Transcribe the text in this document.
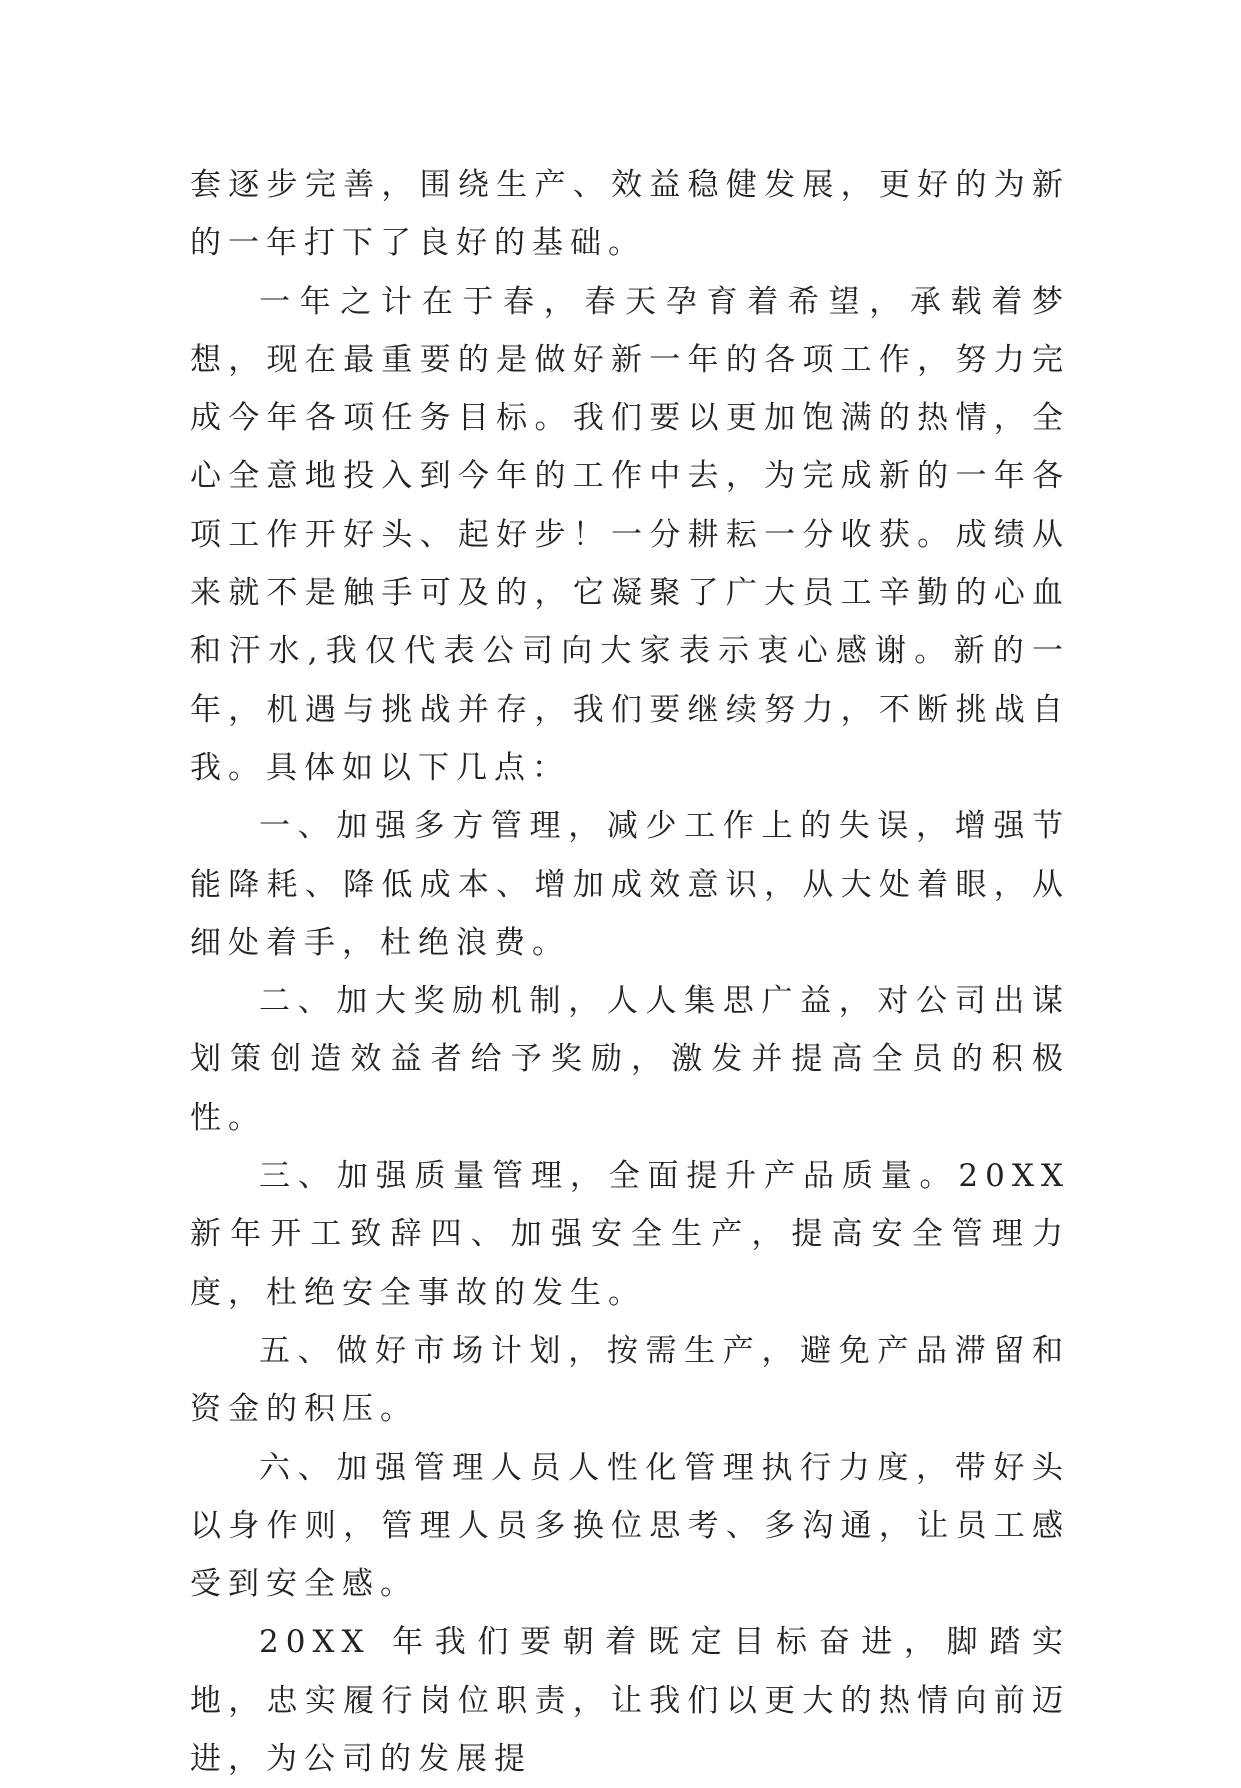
套逐步完善，围绕生产、效益稳健发展，更好的为新的一年打下了良好的基础。

一年之计在于春，春天孕育着希望，承载着梦想，现在最重要的是做好新一年的各项工作，努力完成今年各项任务目标。我们要以更加饱满的热情，全心全意地投入到今年的工作中去，为完成新的一年各项工作开好头、起好步！一分耕耘一分收获。成绩从来就不是触手可及的，它凝聚了广大员工辛勤的心血和汗水,我仅代表公司向大家表示衷心感谢。新的一年，机遇与挑战并存，我们要继续努力，不断挑战自我。具体如以下几点：

一、加强多方管理，减少工作上的失误，增强节能降耗、降低成本、增加成效意识，从大处着眼，从细处着手，杜绝浪费。

二、加大奖励机制，人人集思广益，对公司出谋划策创造效益者给予奖励，激发并提高全员的积极性。

三、加强质量管理，全面提升产品质量。20XX 新年开工致辞四、加强安全生产，提高安全管理力度，杜绝安全事故的发生。

五、做好市场计划，按需生产，避免产品滞留和资金的积压。

六、加强管理人员人性化管理执行力度，带好头以身作则，管理人员多换位思考、多沟通，让员工感受到安全感。

20XX 年我们要朝着既定目标奋进，脚踏实地，忠实履行岗位职责，让我们以更大的热情向前迈进，为公司的发展提
